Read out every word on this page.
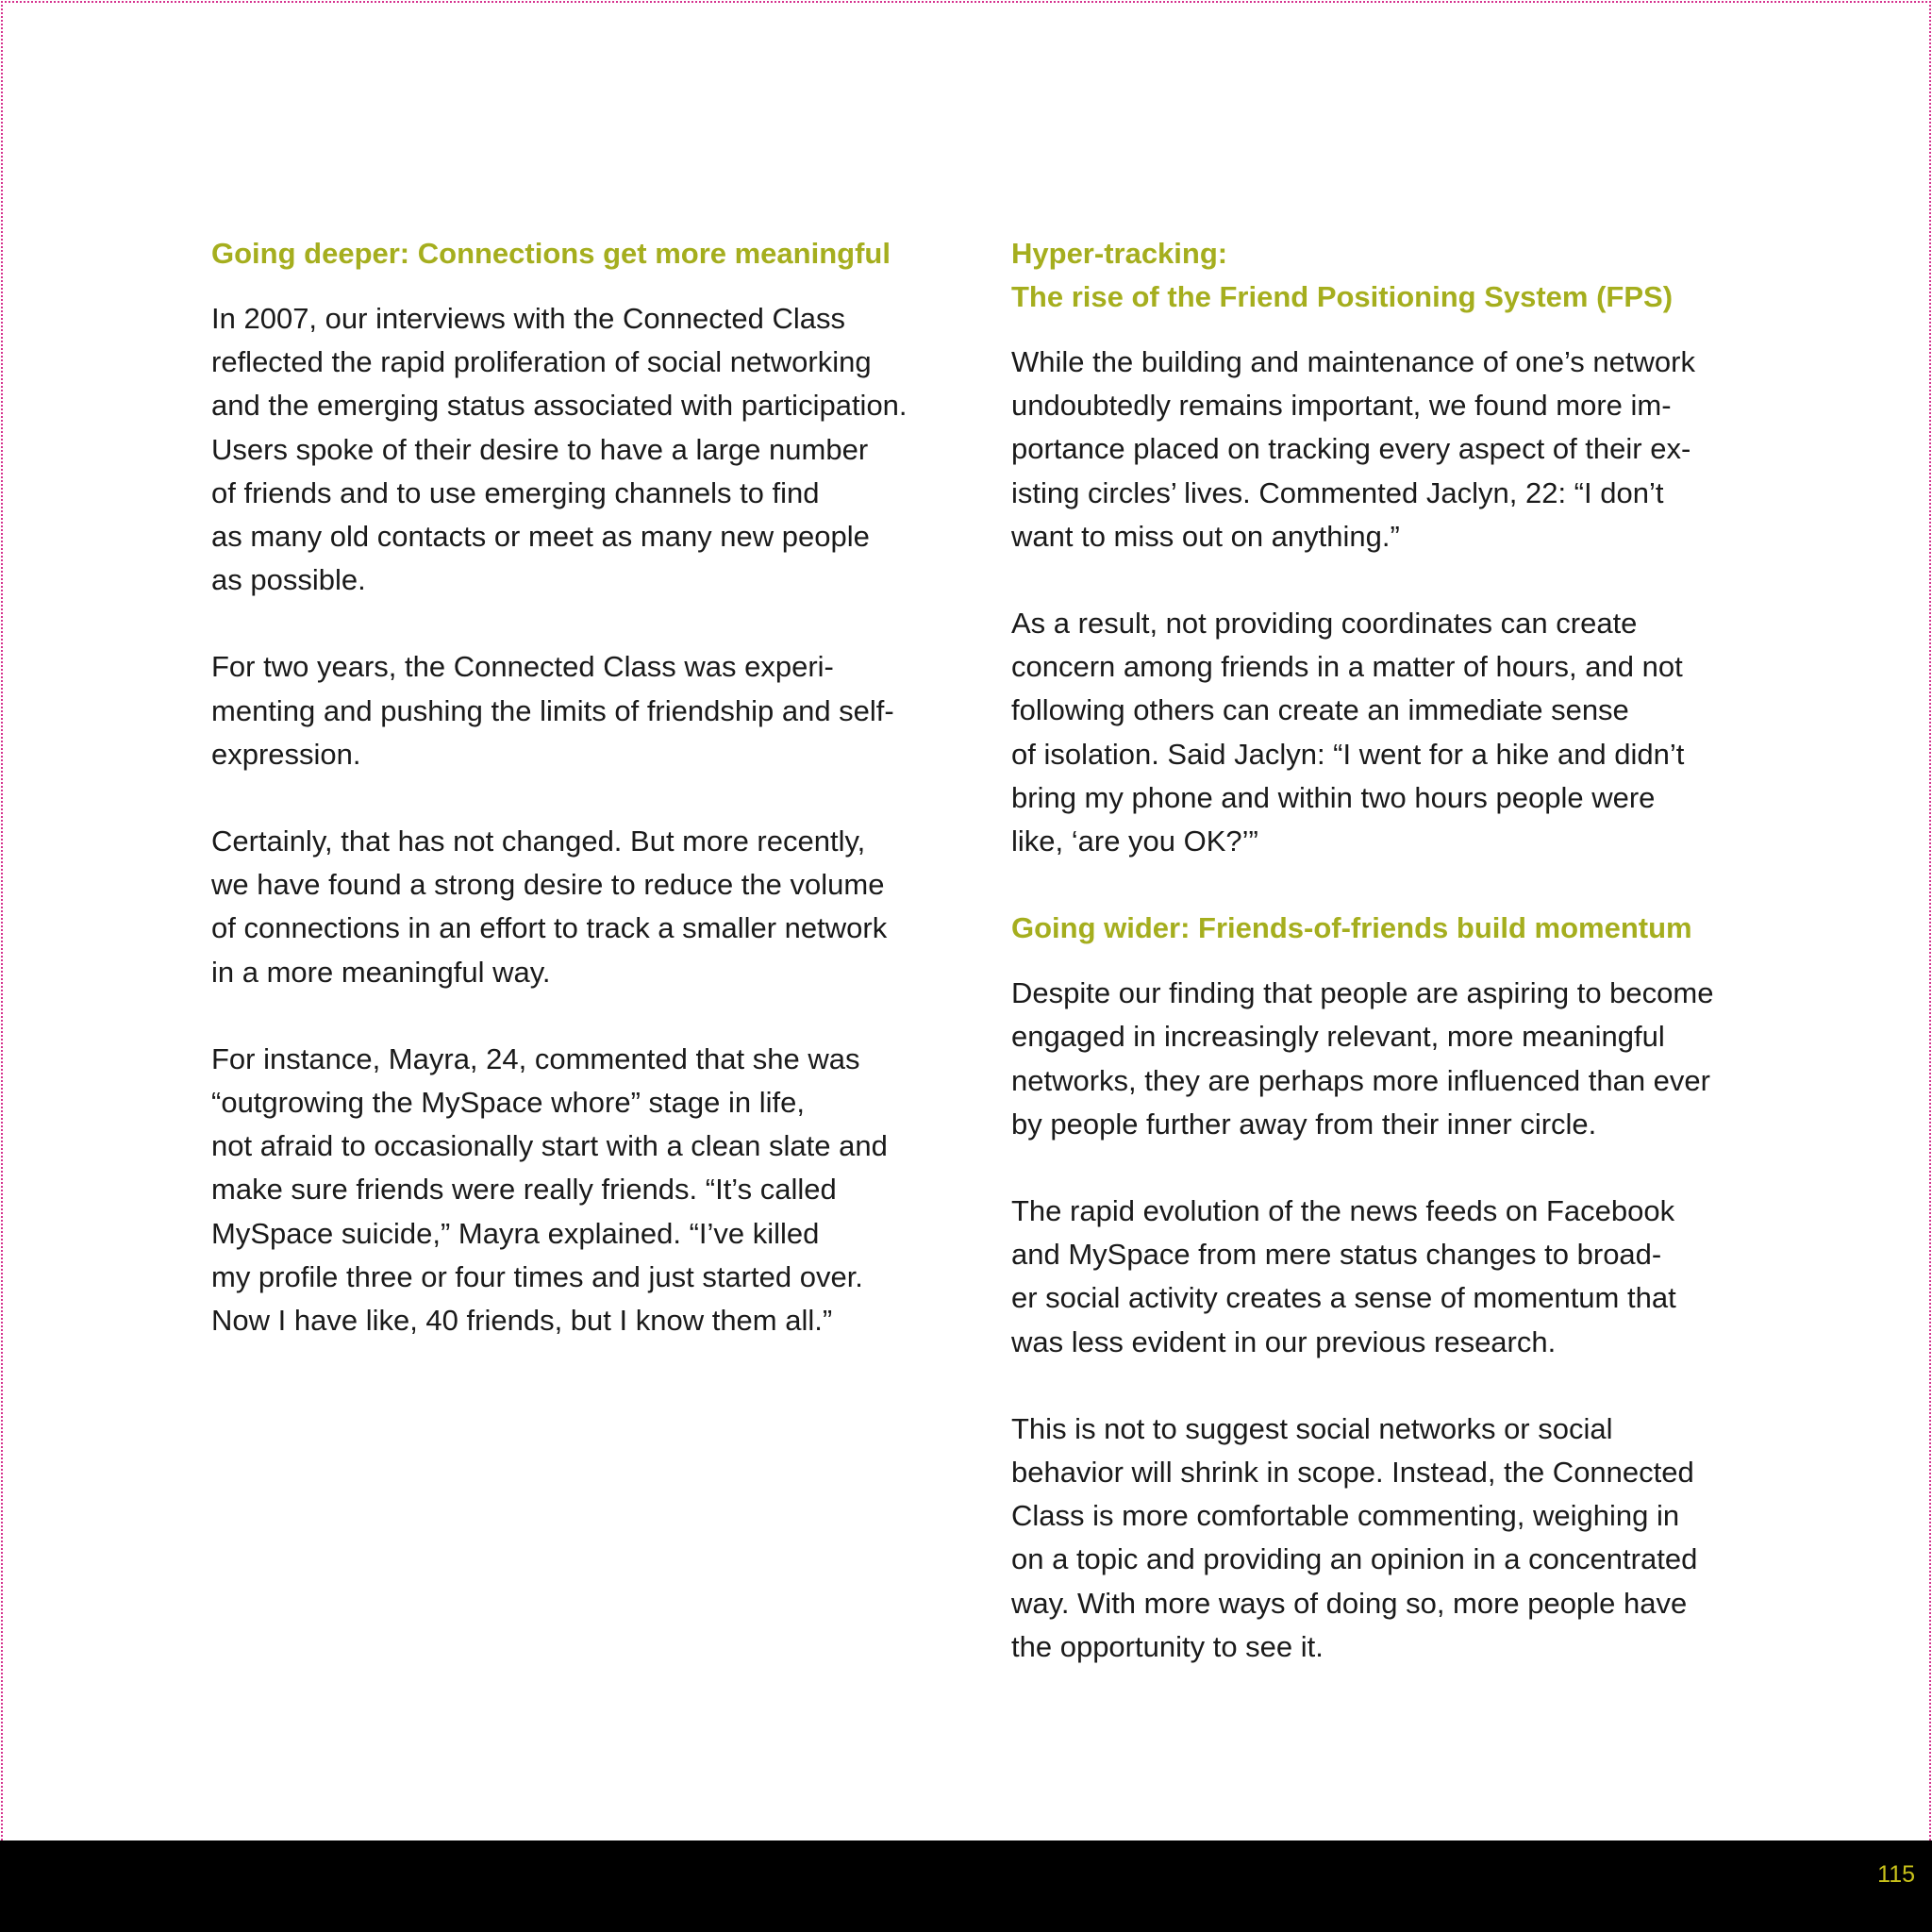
Going deeper: Connections get more meaningful
In 2007, our interviews with the Connected Class
reflected the rapid proliferation of social networking
and the emerging status associated with participation.
Users spoke of their desire to have a large number
of friends and to use emerging channels to find
as many old contacts or meet as many new people
as possible.
For two years, the Connected Class was experi-
menting and pushing the limits of friendship and self-
expression.
Certainly, that has not changed. But more recently,
we have found a strong desire to reduce the volume
of connections in an effort to track a smaller network
in a more meaningful way.
For instance, Mayra, 24, commented that she was
“outgrowing the MySpace whore” stage in life,
not afraid to occasionally start with a clean slate and
make sure friends were really friends. “It’s called
MySpace suicide,” Mayra explained. “I’ve killed
my profile three or four times and just started over.
Now I have like, 40 friends, but I know them all.”
Hyper-tracking:
The rise of the Friend Positioning System (FPS)
While the building and maintenance of one’s network
undoubtedly remains important, we found more im-
portance placed on tracking every aspect of their ex-
isting circles’ lives. Commented Jaclyn, 22: “I don’t
want to miss out on anything.”
As a result, not providing coordinates can create
concern among friends in a matter of hours, and not
following others can create an immediate sense
of isolation. Said Jaclyn: “I went for a hike and didn’t
bring my phone and within two hours people were
like, ‘are you OK?’”
Going wider: Friends-of-friends build momentum
Despite our finding that people are aspiring to become
engaged in increasingly relevant, more meaningful
networks, they are perhaps more influenced than ever
by people further away from their inner circle.
The rapid evolution of the news feeds on Facebook
and MySpace from mere status changes to broad-
er social activity creates a sense of momentum that
was less evident in our previous research.
This is not to suggest social networks or social
behavior will shrink in scope. Instead, the Connected
Class is more comfortable commenting, weighing in
on a topic and providing an opinion in a concentrated
way. With more ways of doing so, more people have
the opportunity to see it.
115
